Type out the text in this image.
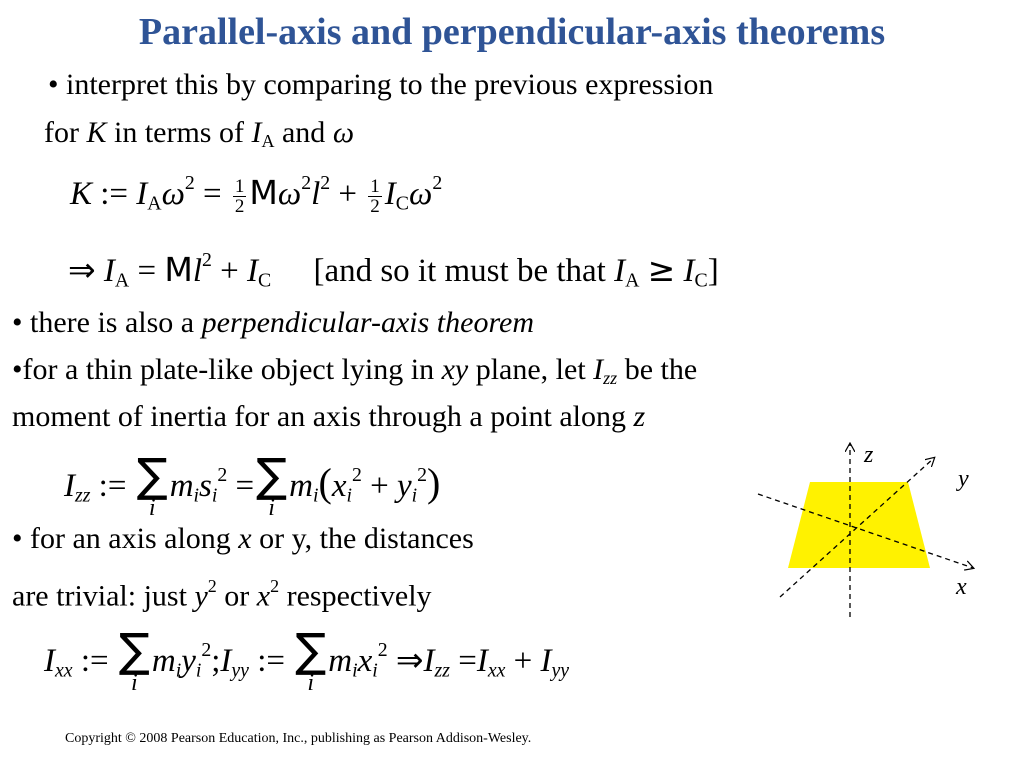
Parallel-axis and perpendicular-axis theorems
• interpret this by comparing to the previous expression
for K in terms of $I_A$ and ω
K := $I_A\omega^2 = \frac{1}{2} M\omega^2l^2 + \frac{1}{2} I_C\omega^2$
⇒ $I_A = Ml^2 + I_C$ [and so it must be that $I_A \ge I_C$]
• there is also a perpendicular-axis theorem
•for a thin plate-like object lying in xy plane, let $I_{zz}$ be the
moment of inertia for an axis through a point along z
$I_{zz}$ := ∑
i
$m_is_i^2$ = ∑
i
$m_i(x_i^2 + y_i^2)$
• for an axis along x or y, the distances
are trivial: just $y^2$ or $x^2$ respectively
$I_{xx}$ := ∑
i
$m_iy_i^2;I_{yy}$ := ∑
i
$m_ix_i^2$ $\Rightarrow I_{zz} =I_{xx} + I_{yy}$
z
y
x
Copyright © 2008 Pearson Education, Inc., publishing as Pearson Addison-Wesley.
